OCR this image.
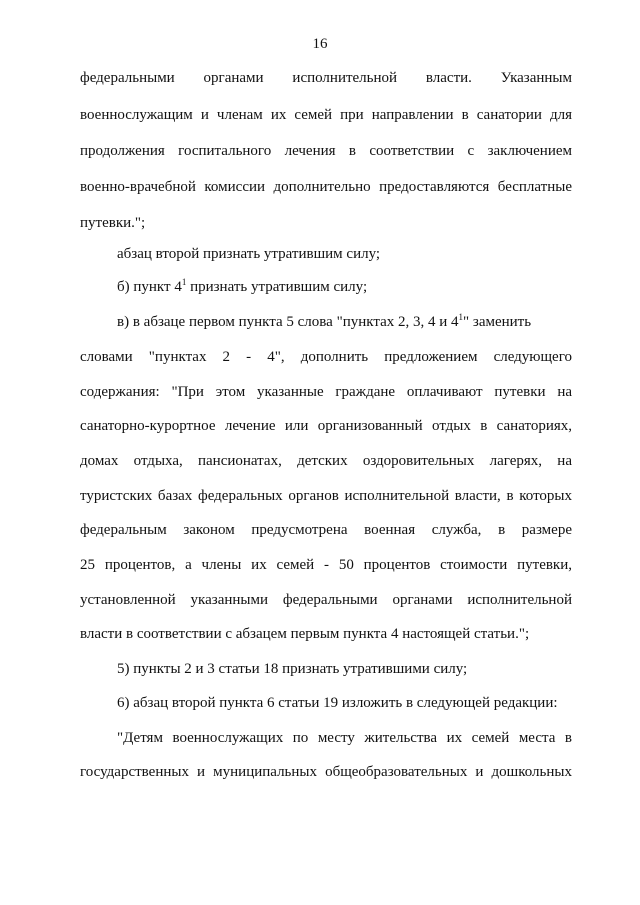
16
федеральными органами исполнительной власти. Указанным
военнослужащим и членам их семей при направлении в санатории для
продолжения госпитального лечения в соответствии с заключением
военно-врачебной комиссии дополнительно предоставляются бесплатные
путевки.";
абзац второй признать утратившим силу;
б) пункт $4^1$ признать утратившим силу;
в) в абзаце первом пункта 5 слова "пунктах 2, 3, 4 и $4^1$" заменить
словами "пунктах 2 - 4", дополнить предложением следующего
содержания: "При этом указанные граждане оплачивают путевки на
санаторно-курортное лечение или организованный отдых в санаториях,
домах отдыха, пансионатах, детских оздоровительных лагерях, на
туристских базах федеральных органов исполнительной власти, в которых
федеральным законом предусмотрена военная служба, в размере
25 процентов, а члены их семей - 50 процентов стоимости путевки,
установленной указанными федеральными органами исполнительной
власти в соответствии с абзацем первым пункта 4 настоящей статьи.";
5) пункты 2 и 3 статьи 18 признать утратившими силу;
6) абзац второй пункта 6 статьи 19 изложить в следующей редакции:
"Детям военнослужащих по месту жительства их семей места в
государственных и муниципальных общеобразовательных и дошкольных
